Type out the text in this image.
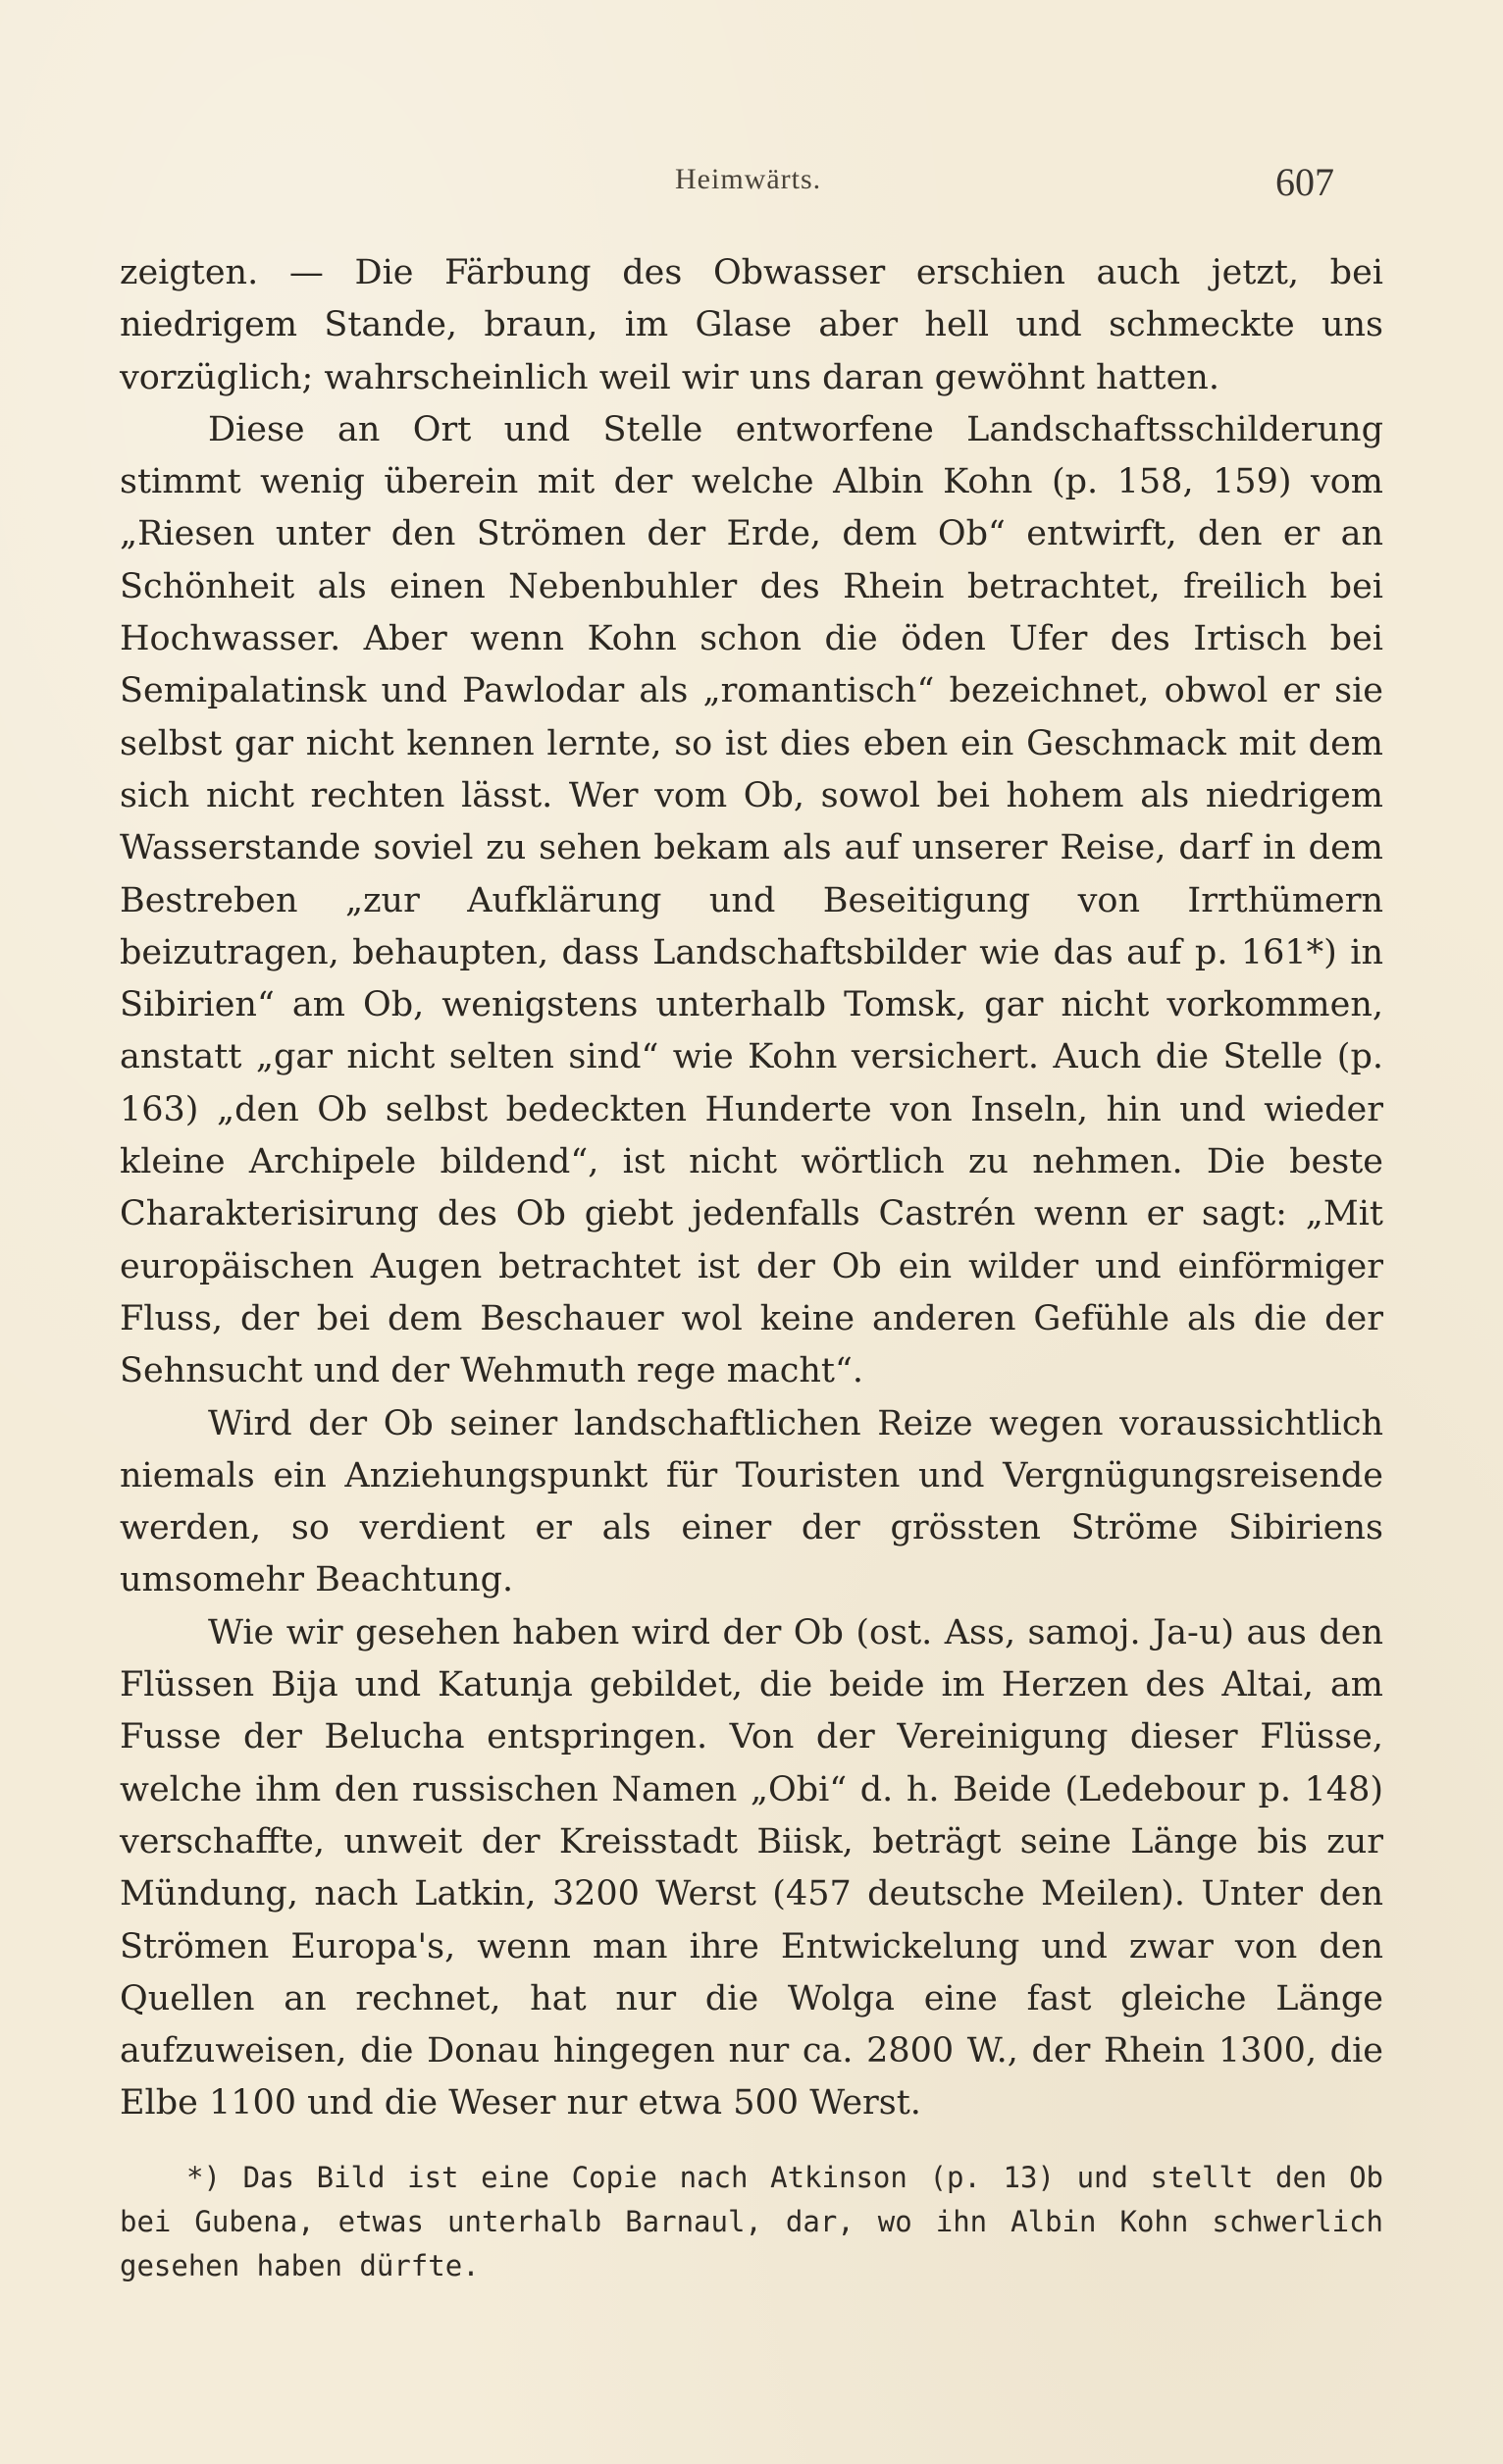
Heimwärts.	607

zeigten. — Die Färbung des Obwasser erschien auch jetzt, bei niedrigem Stande, braun, im Glase aber hell und schmeckte uns vorzüglich; wahrscheinlich weil wir uns daran gewöhnt hatten.

Diese an Ort und Stelle entworfene Landschaftsschilderung stimmt wenig überein mit der welche Albin Kohn (p. 158, 159) vom „Riesen unter den Strömen der Erde, dem Ob“ entwirft, den er an Schönheit als einen Nebenbuhler des Rhein betrachtet, freilich bei Hochwasser. Aber wenn Kohn schon die öden Ufer des Irtisch bei Semipalatinsk und Pawlodar als „romantisch“ bezeichnet, obwol er sie selbst gar nicht kennen lernte, so ist dies eben ein Geschmack mit dem sich nicht rechten lässt. Wer vom Ob, sowol bei hohem als niedrigem Wasserstande soviel zu sehen bekam als auf unserer Reise, darf in dem Bestreben „zur Aufklärung und Beseitigung von Irrthümern beizutragen, behaupten, dass Landschaftsbilder wie das auf p. 161*) in Sibirien“ am Ob, wenigstens unterhalb Tomsk, gar nicht vorkommen, anstatt „gar nicht selten sind“ wie Kohn versichert. Auch die Stelle (p. 163) „den Ob selbst bedeckten Hunderte von Inseln, hin und wieder kleine Archipele bildend“, ist nicht wörtlich zu nehmen. Die beste Charakterisirung des Ob giebt jedenfalls Castrén wenn er sagt: „Mit europäischen Augen betrachtet ist der Ob ein wilder und einförmiger Fluss, der bei dem Beschauer wol keine anderen Gefühle als die der Sehnsucht und der Wehmuth rege macht“.

Wird der Ob seiner landschaftlichen Reize wegen voraussichtlich niemals ein Anziehungspunkt für Touristen und Vergnügungsreisende werden, so verdient er als einer der grössten Ströme Sibiriens umsomehr Beachtung.

Wie wir gesehen haben wird der Ob (ost. Ass, samoj. Ja-u) aus den Flüssen Bija und Katunja gebildet, die beide im Herzen des Altai, am Fusse der Belucha entspringen. Von der Vereinigung dieser Flüsse, welche ihm den russischen Namen „Obi“ d. h. Beide (Ledebour p. 148) verschaffte, unweit der Kreisstadt Biisk, beträgt seine Länge bis zur Mündung, nach Latkin, 3200 Werst (457 deutsche Meilen). Unter den Strömen Europa's, wenn man ihre Entwickelung und zwar von den Quellen an rechnet, hat nur die Wolga eine fast gleiche Länge aufzuweisen, die Donau hingegen nur ca. 2800 W., der Rhein 1300, die Elbe 1100 und die Weser nur etwa 500 Werst.

*) Das Bild ist eine Copie nach Atkinson (p. 13) und stellt den Ob bei Gubena, etwas unterhalb Barnaul, dar, wo ihn Albin Kohn schwerlich gesehen haben dürfte.
